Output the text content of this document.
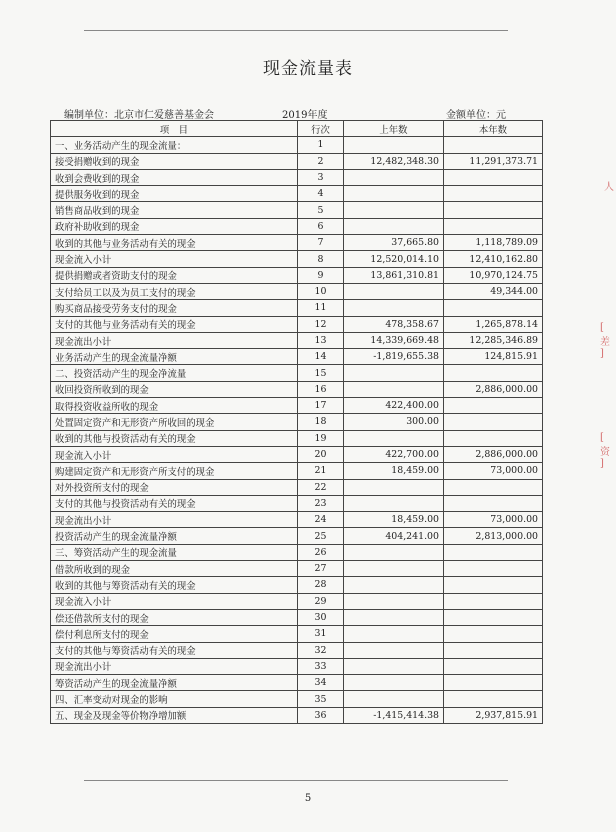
现金流量表
编制单位：北京市仁爱慈善基金会	2019年度	金额单位：元
项　目	行次	上年数	本年数
一、业务活动产生的现金流量：	1		
接受捐赠收到的现金	2	12,482,348.30	11,291,373.71
收到会费收到的现金	3		
提供服务收到的现金	4		
销售商品收到的现金	5		
政府补助收到的现金	6		
收到的其他与业务活动有关的现金	7	37,665.80	1,118,789.09
现金流入小计	8	12,520,014.10	12,410,162.80
提供捐赠或者资助支付的现金	9	13,861,310.81	10,970,124.75
支付给员工以及为员工支付的现金	10		49,344.00
购买商品接受劳务支付的现金	11		
支付的其他与业务活动有关的现金	12	478,358.67	1,265,878.14
现金流出小计	13	14,339,669.48	12,285,346.89
业务活动产生的现金流量净额	14	-1,819,655.38	124,815.91
二、投资活动产生的现金净流量	15		
收回投资所收到的现金	16		2,886,000.00
取得投资收益所收的现金	17	422,400.00	
处置固定资产和无形资产所收回的现金	18	300.00	
收到的其他与投资活动有关的现金	19		
现金流入小计	20	422,700.00	2,886,000.00
购建固定资产和无形资产所支付的现金	21	18,459.00	73,000.00
对外投资所支付的现金	22		
支付的其他与投资活动有关的现金	23		
现金流出小计	24	18,459.00	73,000.00
投资活动产生的现金流量净额	25	404,241.00	2,813,000.00
三、筹资活动产生的现金流量	26		
借款所收到的现金	27		
收到的其他与筹资活动有关的现金	28		
现金流入小计	29		
偿还借款所支付的现金	30		
偿付利息所支付的现金	31		
支付的其他与筹资活动有关的现金	32		
现金流出小计	33		
筹资活动产生的现金流量净额	34		
四、汇率变动对现金的影响	35		
五、现金及现金等价物净增加额	36	-1,415,414.38	2,937,815.91
5
人
[ 差 ]
[ 资 ]
